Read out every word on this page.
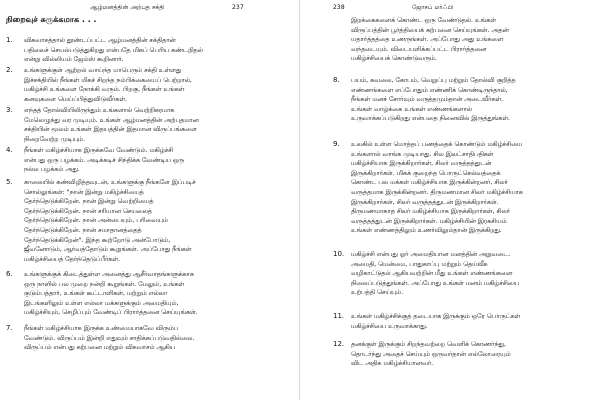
ஆழ்மனத்தின் அற்புத சக்தி	237
நிறைவுச் சுருக்கமாக . . .
1. விசுவாசத்தால் தூண்டப்பட்ட ஆழ்மனத்தின் சக்திதான்
பதிலைச் செயல்படுத்துகிறது என்பதே மிகப் பெரிய கண்டறிதல்
என்று வில்லியம் ஜேம்ஸ் கூறினார்.
2. உங்களுக்குள் ஆற்றல் வாய்ந்த மாபெரும் சக்தி உள்ளது
இச்சக்தியில் நீங்கள் மிகச் சிறந்த நம்பிக்கையைப் பெற்றால்,
மகிழ்ச்சி உங்களை நோக்கி வரும். பிறகு, நீங்கள் உங்கள்
கனவுகளை மெய்ப்பித்துவிடுவீர்கள்.
3. எந்தத் தோல்வியிலிருந்தும் உங்களால் வெற்றிகரமாக
மேலெழுந்து வர முடியும். உங்கள் ஆழ்மனத்தின் அற்புதமான
சக்தியின் மூலம் உங்கள் இதயத்தின் இதமான விருப்பங்களை
நிறைவேற்ற முடியும்.
4. நீங்கள் மகிழ்ச்சியாக இருக்கவே வேண்டும். மகிழ்ச்சி
என்பது ஒரு பழக்கம். அடிக்கடிச் சிந்திக்க வேண்டிய ஒரு
நல்ல பழக்கம் அது.
5. காலையில் கண்விழித்தவுடன், உங்களுக்கு நீங்களே இப்படிச்
சொல்லுங்கள்: "நான் இன்று மகிழ்ச்சியைத்
தேர்ந்தெடுக்கிறேன். நான் இன்று வெற்றியைத்
தேர்ந்தெடுக்கிறேன். நான் சரியான செயலைத்
தேர்ந்தெடுக்கிறேன். நான் அன்பையும், பரிவையும்
தேர்ந்தெடுக்கிறேன். நான் சமாதானத்தைத்
தேர்ந்தெடுக்கிறேன்". இந்த கூற்றோடு அன்போடும்,
ஜீவனோடும், ஆர்வத்தோடும் கூறுங்கள். அப்போது நீங்கள்
மகிழ்ச்சியைத் தேர்ந்தெடுப்பீர்கள்.
6. உங்களுக்குக் கிடைத்துள்ள அனைத்து ஆசீர்வாதங்களுக்காக
ஒரு நாளில் பல முறை நன்றி கூறுங்கள். மேலும், உங்கள்
குடும்பத்தார், உங்கள் கூட்டாளிகள், மற்றும் எல்லா
இடங்களிலும் உள்ள எல்லா மக்களுக்கும் அமைதியும்,
மகிழ்ச்சியும், செழிப்பும் வேண்டிப் பிரார்த்தனை செய்யுங்கள்.
7. நீங்கள் மகிழ்ச்சியாக இருக்க உண்மையாகவே விரும்ப
வேண்டும். விருப்பம் இன்றி எதுவும் சாதிக்கப்படுவதில்லை.
விருப்பம் என்பது கற்பனை மற்றும் விசுவாசம் ஆகிய
238	ஜோசப் மர்ஃபி
இறக்கைகளைக் கொண்ட ஒரு வேண்டுதல். உங்கள்
விருப்பத்தின் பூர்த்தியைக் கற்பனை செய்யுங்கள். அதன்
யதார்த்தத்தை உணருங்கள். அப்போது அது உங்களை
வந்தடையும். விடையளிக்கப்பட்ட பிரார்த்தனை
மகிழ்ச்சியைக் கொண்டுவரும்.
8. பயம், கவலை, கோபம், வெறுப்பு மற்றும் தோல்வி குறித்த
எண்ணங்களை எப்போதும் எண்ணிக் கொண்டிருந்தால்,
நீங்கள் மனச் சோர்வும் வருத்தமும்தான் அடைவீர்கள்.
உங்கள் வாழ்க்கை உங்கள் எண்ணங்களால்
உருவாக்கப்படுகிறது என்பதை நினைவில் இருத்துங்கள்.
9. உலகில் உள்ள மொத்தப் பணத்தைக் கொண்டும் மகிழ்ச்சியை
உங்களால் வாங்க முடியாது. சில இலட்சாதிபதிகள்
மகிழ்ச்சியாக இருக்கிறார்கள், சிலர் வருத்தத்துடன்
இருக்கிறார்கள். மிகக் குறைந்த பொருட்செல்வத்தைக்
கொண்ட பல மக்கள் மகிழ்ச்சியாக இருக்கின்றனர், சிலர்
வருத்தமாக இருக்கின்றனர். திருமணமான சிலர் மகிழ்ச்சியாக
இருக்கிறார்கள், சிலர் வருத்தத்துடன் இருக்கிறார்கள்.
திருமணமாகாத சிலர் மகிழ்ச்சியாக இருக்கிறார்கள், சிலர்
வருத்தத்துடன் இருக்கிறார்கள். மகிழ்ச்சியின் இரகசியம்
உங்கள் எண்ணத்திலும் உணர்விலும்தான் இருக்கிறது.
10. மகிழ்ச்சி என்பது ஓர் அமைதியான மனத்தின் அறுவடை.
அமைதி, மென்மை, பாதுகாப்பு மற்றும் தெய்வீக
வழிகாட்டுதல் ஆகியவற்றின் மீது உங்கள் எண்ணங்களை
நிலைப்படுத்துங்கள். அப்போது உங்கள் மனம் மகிழ்ச்சியை
உற்பத்தி செய்யும்.
11. உங்கள் மகிழ்ச்சிக்குத் தடையாக இருக்கும் ஒரே பொருட்கள்
மகிழ்ச்சியை உருவாக்காது.
12. தனக்குள் இருக்கும் சிறந்தவற்றை வெளிக் கொணர்ந்து,
தொடர்ந்து அதைச் செய்யும் ஒருவர்தான் எல்லோரையும்
விட அதிக மகிழ்ச்சியானவர்.
